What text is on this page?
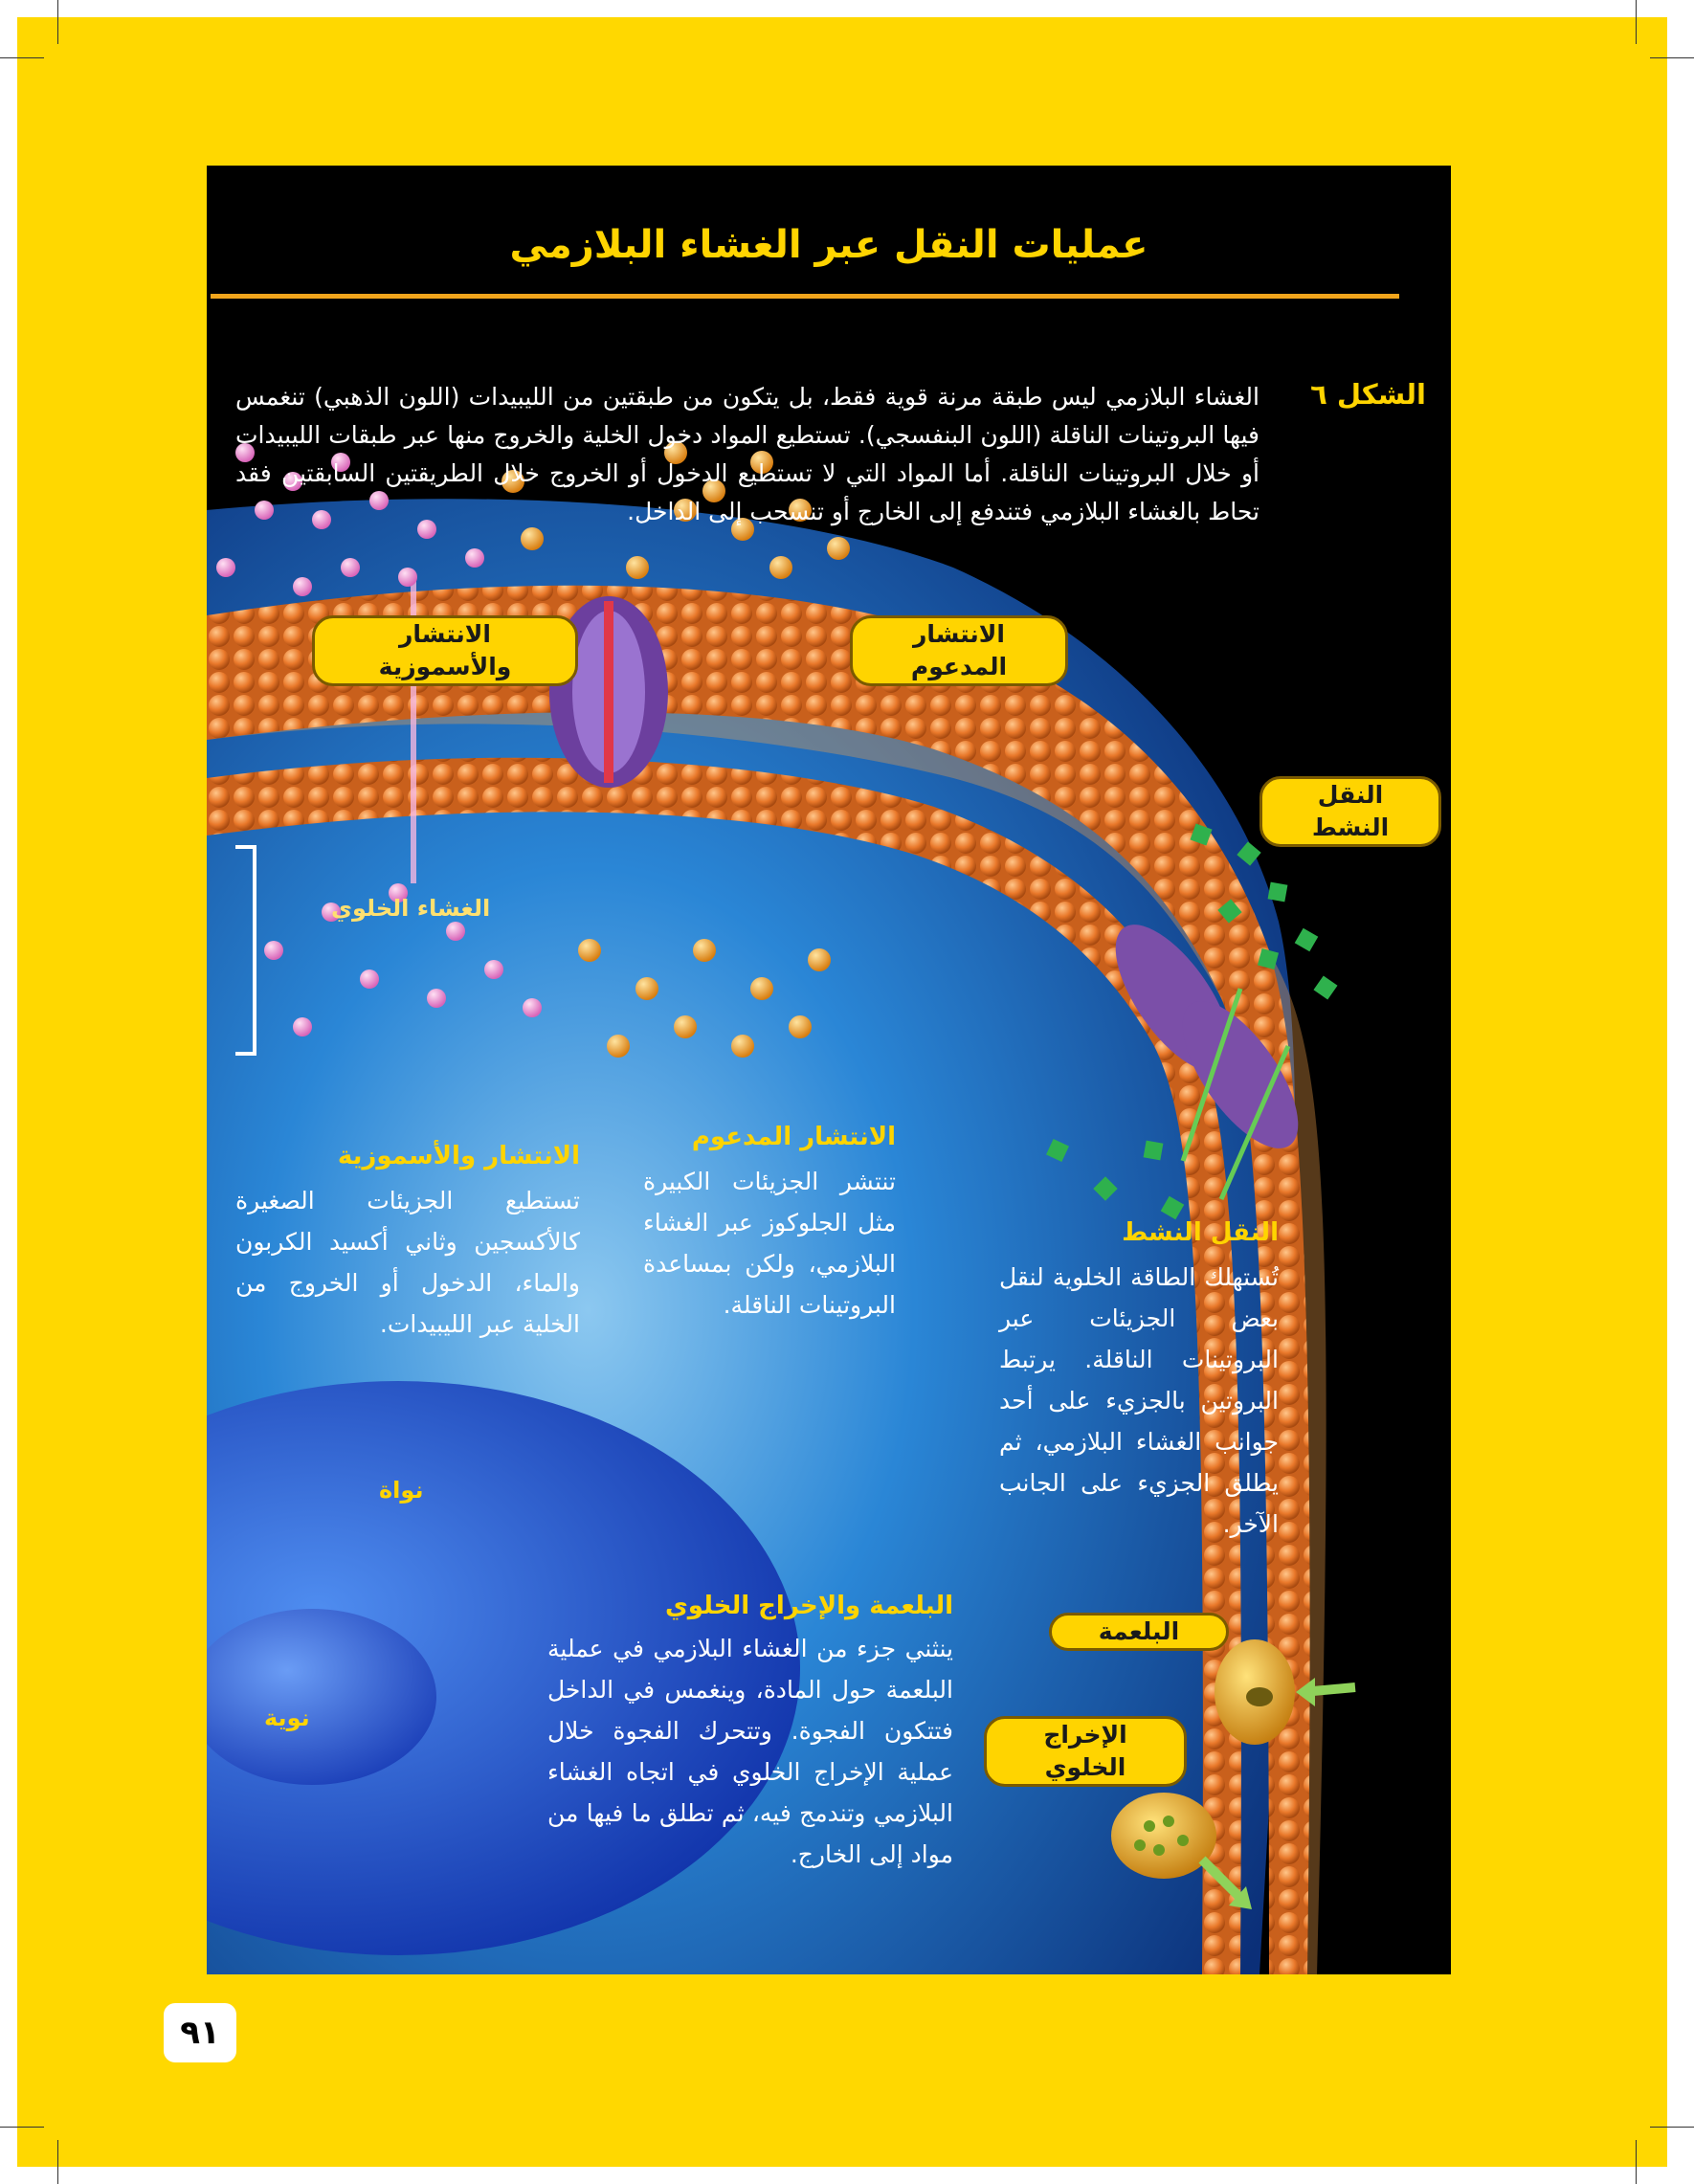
عمليات النقل عبر الغشاء البلازمي
الشكل ٦
الغشاء البلازمي ليس طبقة مرنة قوية فقط، بل يتكون من طبقتين من الليبيدات (اللون الذهبي) تنغمس فيها البروتينات الناقلة (اللون البنفسجي). تستطيع المواد دخول الخلية والخروج منها عبر طبقات الليبيدات أو خلال البروتينات الناقلة. أما المواد التي لا تستطيع الدخول أو الخروج خلال الطريقتين السابقتين فقد تحاط بالغشاء البلازمي فتندفع إلى الخارج أو تنسحب إلى الداخل.
الانتشار والأسموزية
الانتشار المدعوم
النقل النشط
البلعمة
الإخراج الخلوي
الغشاء الخلوي
نواة
نوية
الانتشار والأسموزية
تستطيع الجزيئات الصغيرة كالأكسجين وثاني أكسيد الكربون والماء، الدخول أو الخروج من الخلية عبر الليبيدات.
الانتشار المدعوم
تنتشر الجزيئات الكبيرة مثل الجلوكوز عبر الغشاء البلازمي، ولكن بمساعدة البروتينات الناقلة.
النقل النشط
تُستهلك الطاقة الخلوية لنقل بعض الجزيئات عبر البروتينات الناقلة. يرتبط البروتين بالجزيء على أحد جوانب الغشاء البلازمي، ثم يطلق الجزيء على الجانب الآخر.
البلعمة والإخراج الخلوي
ينثني جزء من الغشاء البلازمي في عملية البلعمة حول المادة، وينغمس في الداخل فتتكون الفجوة. وتتحرك الفجوة خلال عملية الإخراج الخلوي في اتجاه الغشاء البلازمي وتندمج فيه، ثم تطلق ما فيها من مواد إلى الخارج.
٩١
